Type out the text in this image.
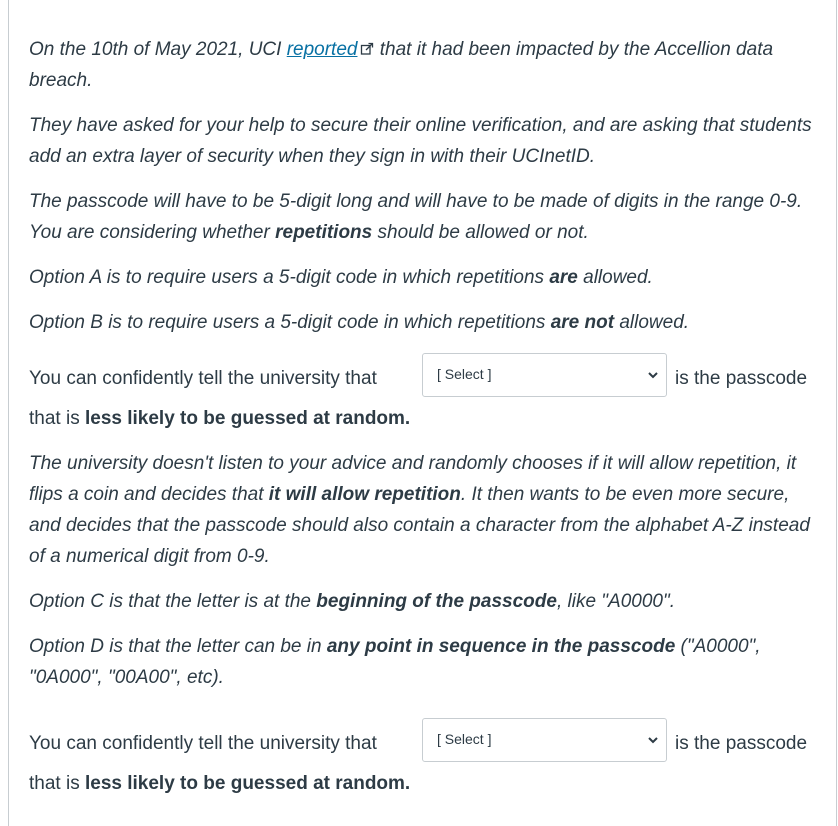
On the 10th of May 2021, UCI reported that it had been impacted by the Accellion data breach.

They have asked for your help to secure their online verification, and are asking that students add an extra layer of security when they sign in with their UCInetID.

The passcode will have to be 5-digit long and will have to be made of digits in the range 0-9. You are considering whether repetitions should be allowed or not.

Option A is to require users a 5-digit code in which repetitions are allowed.

Option B is to require users a 5-digit code in which repetitions are not allowed.

You can confidently tell the university that	[ Select ]	is the passcode

that is less likely to be guessed at random.

The university doesn't listen to your advice and randomly chooses if it will allow repetition, it flips a coin and decides that it will allow repetition. It then wants to be even more secure, and decides that the passcode should also contain a character from the alphabet A-Z instead of a numerical digit from 0-9.

Option C is that the letter is at the beginning of the passcode, like "A0000".

Option D is that the letter can be in any point in sequence in the passcode ("A0000", "0A000", "00A00", etc).

You can confidently tell the university that	[ Select ]	is the passcode

that is less likely to be guessed at random.
